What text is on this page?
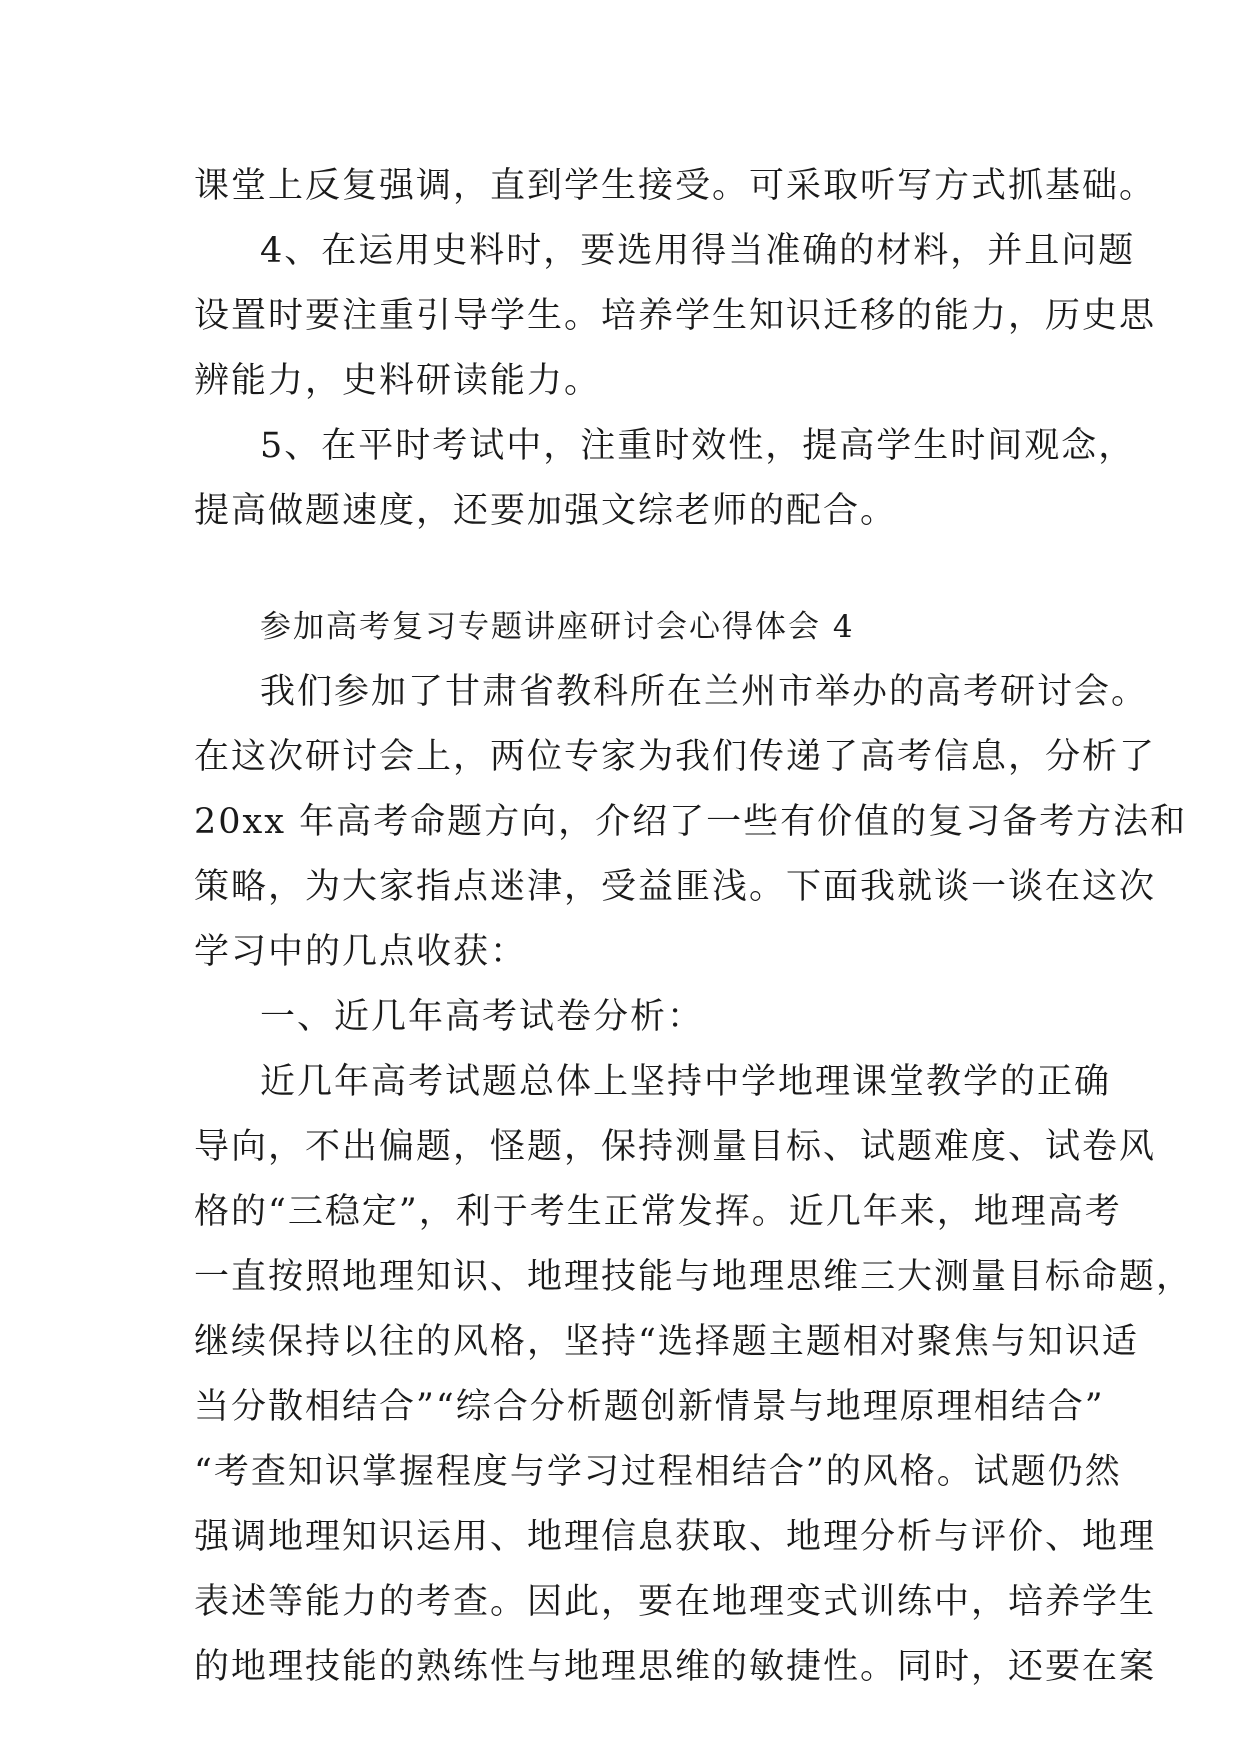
课堂上反复强调，直到学生接受。可采取听写方式抓基础。
4、在运用史料时，要选用得当准确的材料，并且问题
设置时要注重引导学生。培养学生知识迁移的能力，历史思
辨能力，史料研读能力。
5、在平时考试中，注重时效性，提高学生时间观念，
提高做题速度，还要加强文综老师的配合。
参加高考复习专题讲座研讨会心得体会 4
我们参加了甘肃省教科所在兰州市举办的高考研讨会。
在这次研讨会上，两位专家为我们传递了高考信息，分析了
20xx 年高考命题方向，介绍了一些有价值的复习备考方法和
策略，为大家指点迷津，受益匪浅。下面我就谈一谈在这次
学习中的几点收获：
一、近几年高考试卷分析：
近几年高考试题总体上坚持中学地理课堂教学的正确
导向，不出偏题，怪题，保持测量目标、试题难度、试卷风
格的“三稳定”，利于考生正常发挥。近几年来，地理高考
一直按照地理知识、地理技能与地理思维三大测量目标命题，
继续保持以往的风格，坚持“选择题主题相对聚焦与知识适
当分散相结合”“综合分析题创新情景与地理原理相结合”
“考查知识掌握程度与学习过程相结合”的风格。试题仍然
强调地理知识运用、地理信息获取、地理分析与评价、地理
表述等能力的考查。因此，要在地理变式训练中，培养学生
的地理技能的熟练性与地理思维的敏捷性。同时，还要在案
